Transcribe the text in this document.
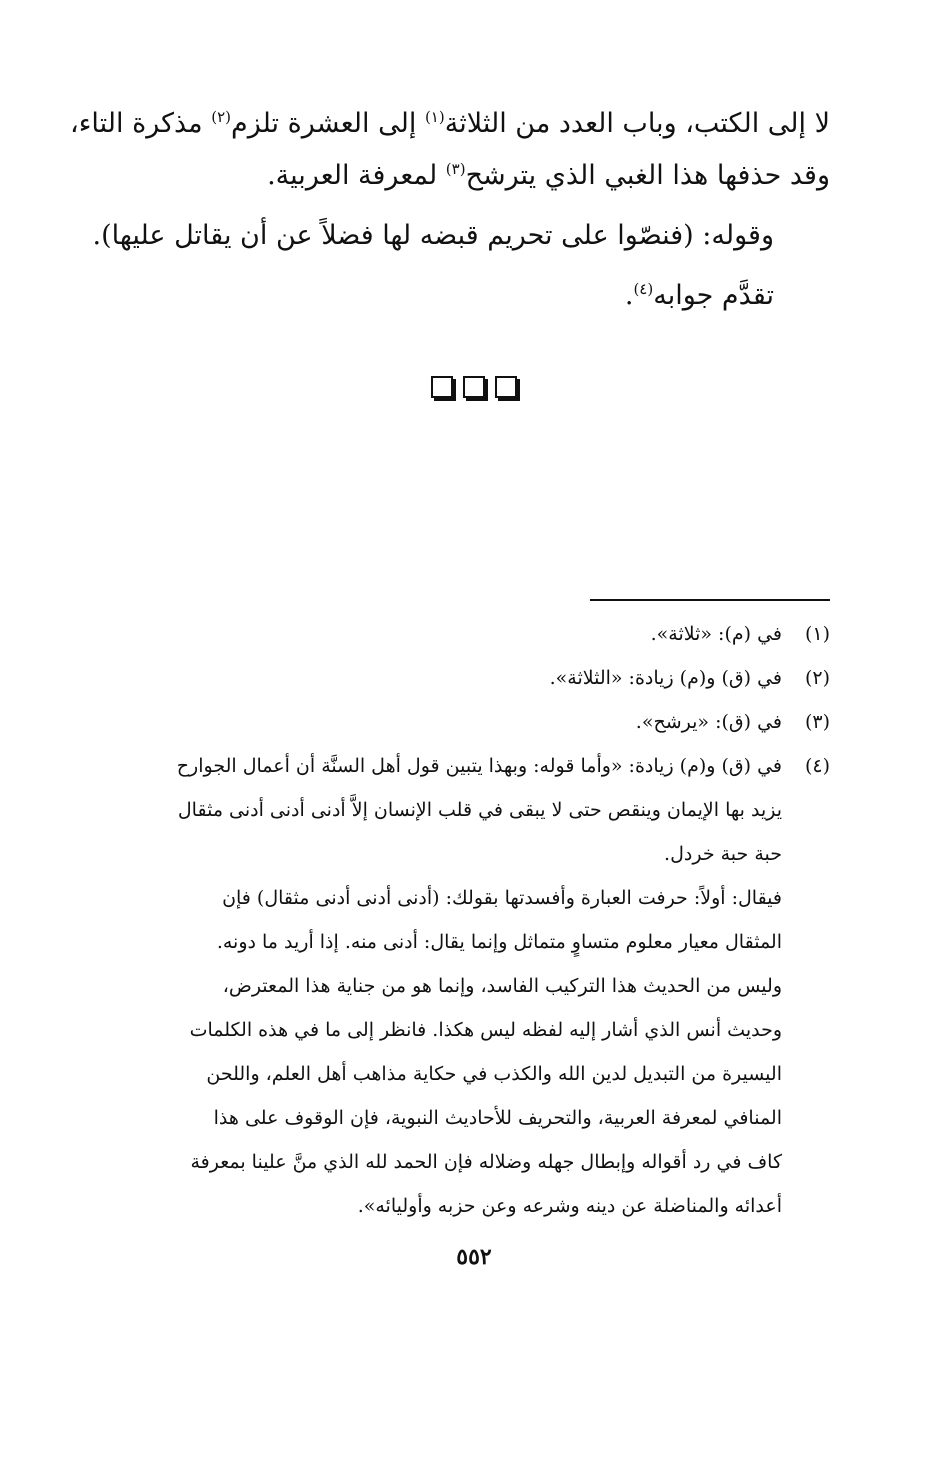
لا إلى الكتب، وباب العدد من الثلاثة$^{(١)}$ إلى العشرة تلزم$^{(٢)}$ مذكرة التاء،

وقد حذفها هذا الغبي الذي يترشح$^{(٣)}$ لمعرفة العربية.

وقوله: (فنصّوا على تحريم قبضه لها فضلاً عن أن يقاتل عليها).

تقدَّم جوابه$^{(٤)}$.

(١)
في (م): «ثلاثة».
(٢)
في (ق) و(م) زيادة: «الثلاثة».
(٣)
في (ق): «يرشح».
(٤)
في (ق) و(م) زيادة: «وأما قوله: وبهذا يتبين قول أهل السنَّة أن أعمال الجوارح
يزيد بها الإيمان وينقص حتى لا يبقى في قلب الإنسان إلاَّ أدنى أدنى أدنى مثقال
حبة حبة خردل.
فيقال: أولاً: حرفت العبارة وأفسدتها بقولك: (أدنى أدنى أدنى مثقال) فإن
المثقال معيار معلوم متساوٍ متماثل وإنما يقال: أدنى منه. إذا أريد ما دونه.
وليس من الحديث هذا التركيب الفاسد، وإنما هو من جناية هذا المعترض،
وحديث أنس الذي أشار إليه لفظه ليس هكذا. فانظر إلى ما في هذه الكلمات
اليسيرة من التبديل لدين الله والكذب في حكاية مذاهب أهل العلم، واللحن
المنافي لمعرفة العربية، والتحريف للأحاديث النبوية، فإن الوقوف على هذا
كاف في رد أقواله وإبطال جهله وضلاله فإن الحمد لله الذي منَّ علينا بمعرفة
أعدائه والمناضلة عن دينه وشرعه وعن حزبه وأوليائه».
٥٥٢
